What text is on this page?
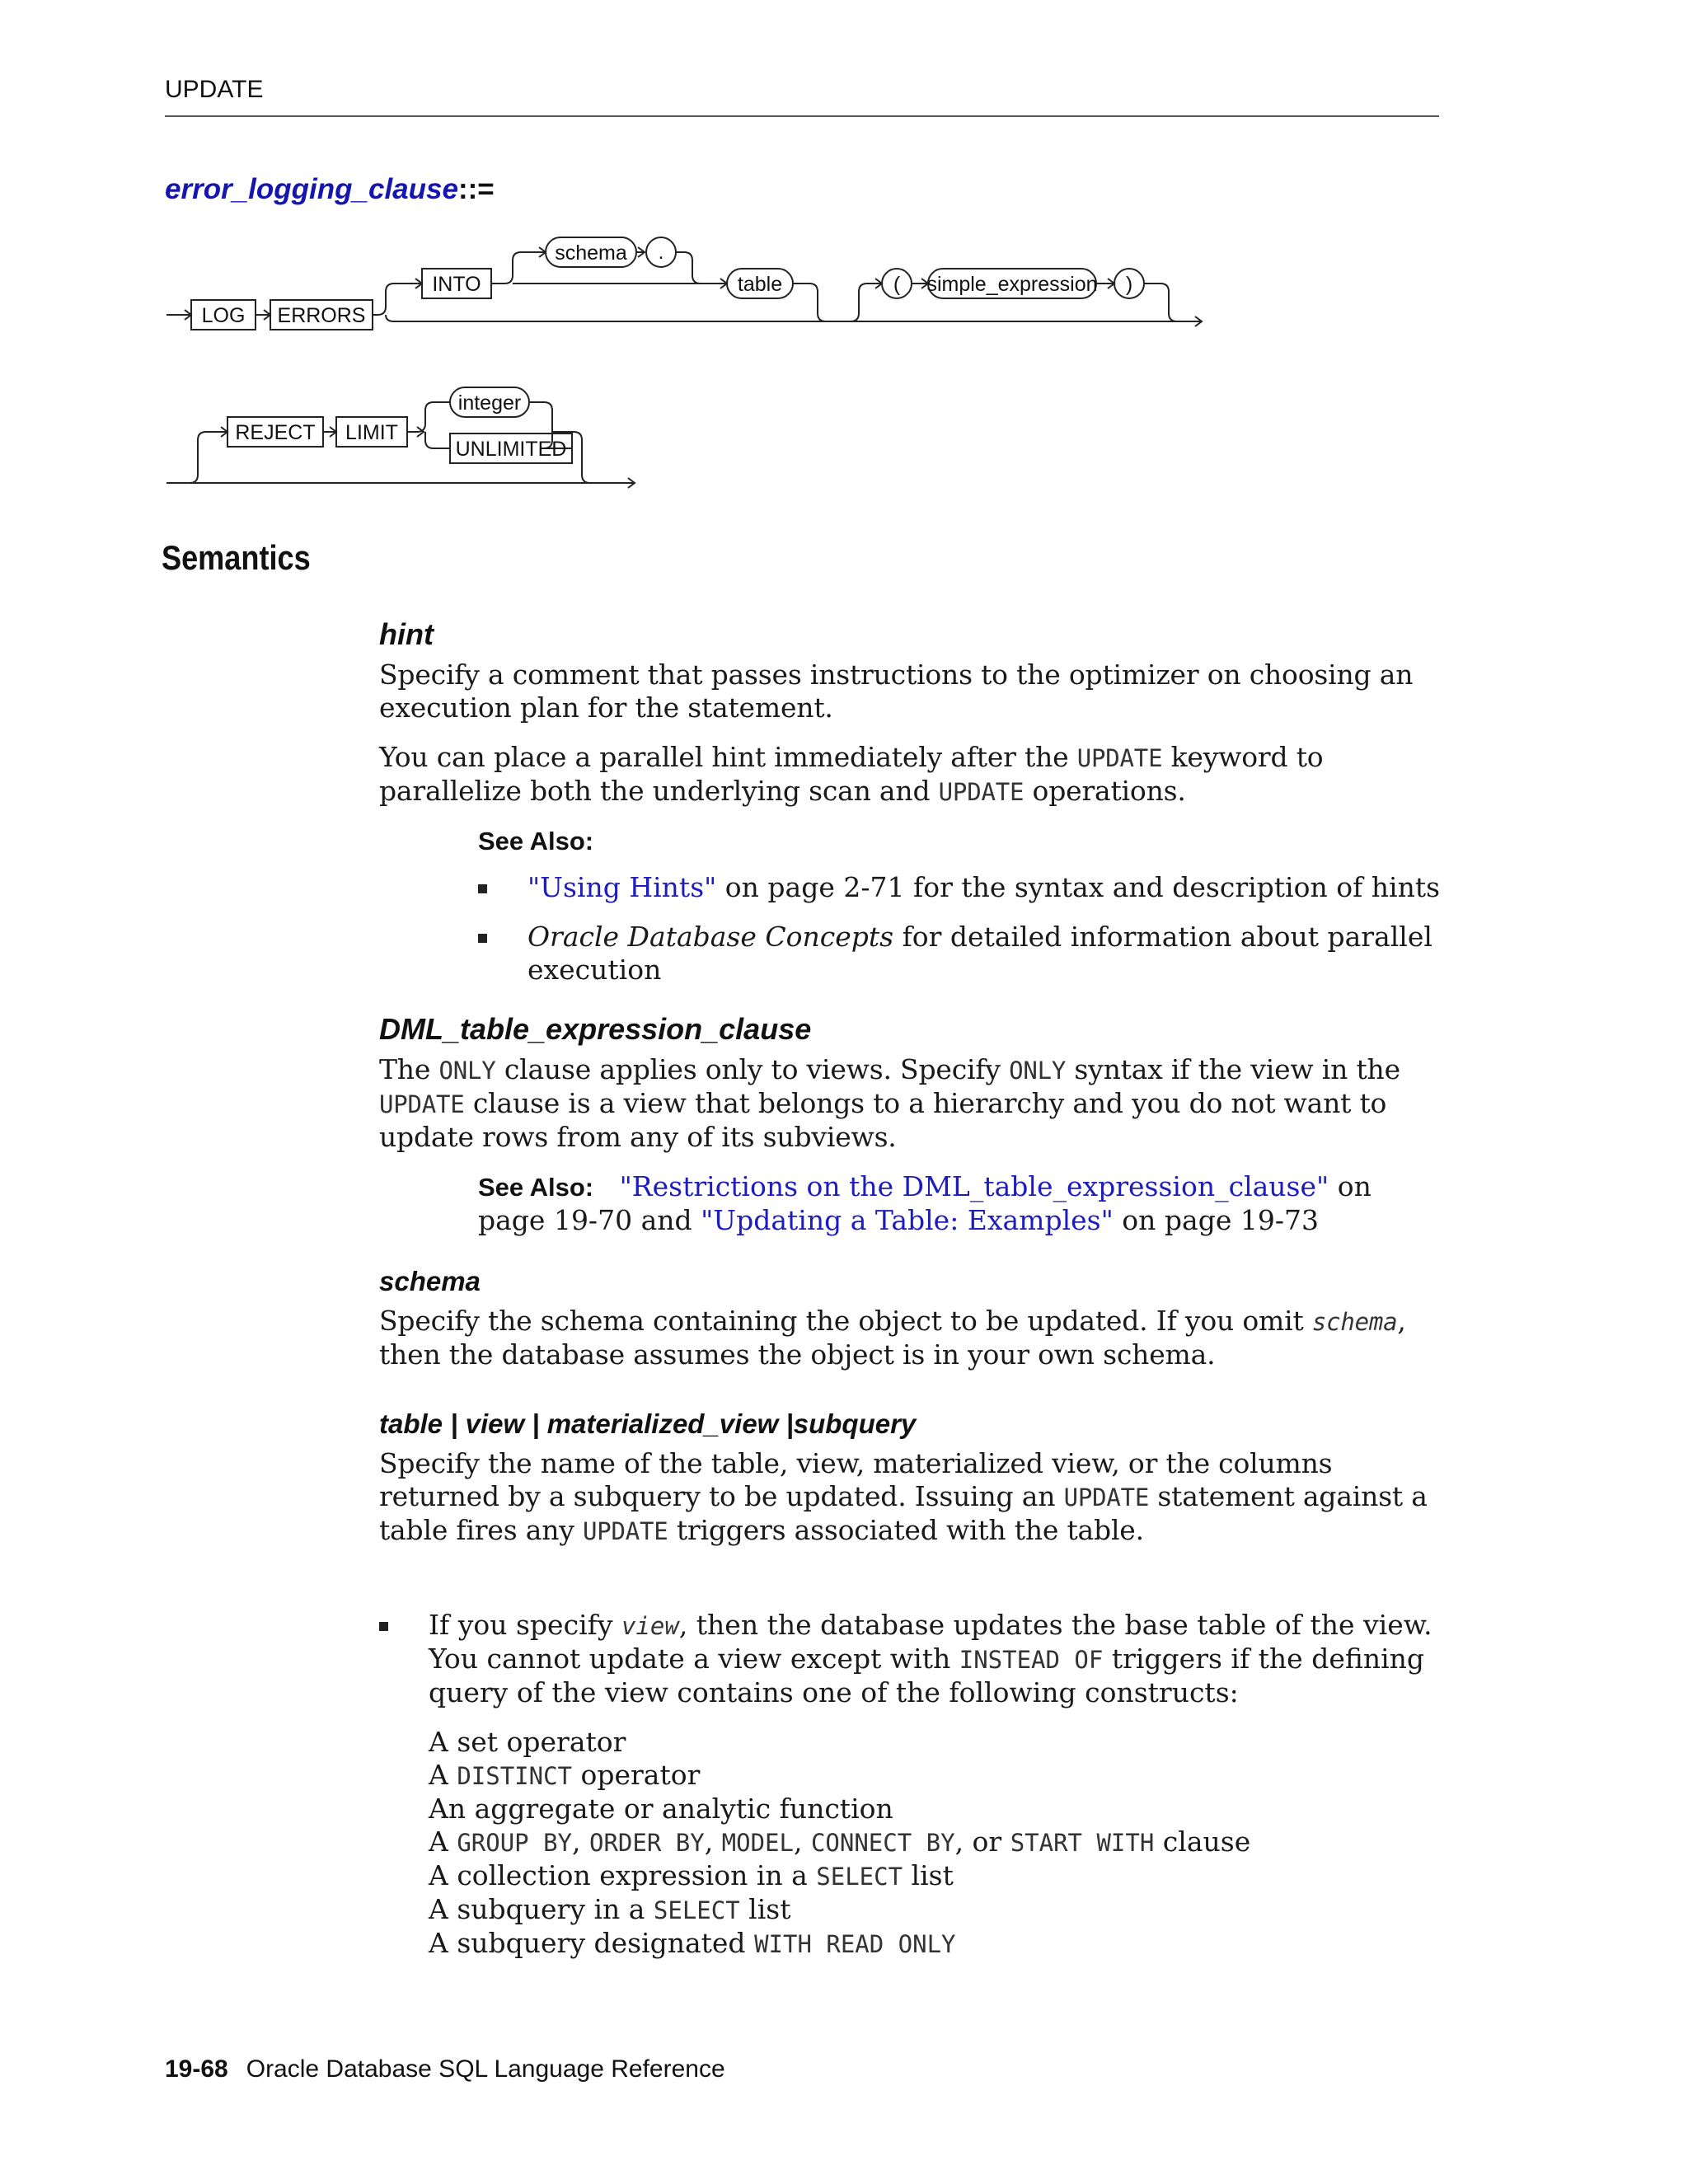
UPDATE
error_logging_clause::=
LOG ERRORS
INTO
schema .
table	( simple_expression )
REJECT LIMIT
integer
UNLIMITED
Semantics
hint

Specify a comment that passes instructions to the optimizer on choosing an execution plan for the statement.

You can place a parallel hint immediately after the UPDATE keyword to parallelize both the underlying scan and UPDATE operations.

See Also:
"Using Hints" on page 2-71 for the syntax and description of hints
Oracle Database Concepts for detailed information about parallel execution
DML_table_expression_clause

The ONLY clause applies only to views. Specify ONLY syntax if the view in the UPDATE clause is a view that belongs to a hierarchy and you do not want to update rows from any of its subviews.

See Also: "Restrictions on the DML_table_expression_clause" on page 19-70 and "Updating a Table: Examples" on page 19-73
schema

Specify the schema containing the object to be updated. If you omit schema, then the database assumes the object is in your own schema.

table | view | materialized_view |subquery

Specify the name of the table, view, materialized view, or the columns returned by a subquery to be updated. Issuing an UPDATE statement against a table fires any UPDATE triggers associated with the table.

If you specify view, then the database updates the base table of the view. You cannot update a view except with INSTEAD OF triggers if the defining query of the view contains one of the following constructs:
A set operator
A DISTINCT operator
An aggregate or analytic function
A GROUP BY, ORDER BY, MODEL, CONNECT BY, or START WITH clause
A collection expression in a SELECT list
A subquery in a SELECT list
A subquery designated WITH READ ONLY
19-68 Oracle Database SQL Language Reference
